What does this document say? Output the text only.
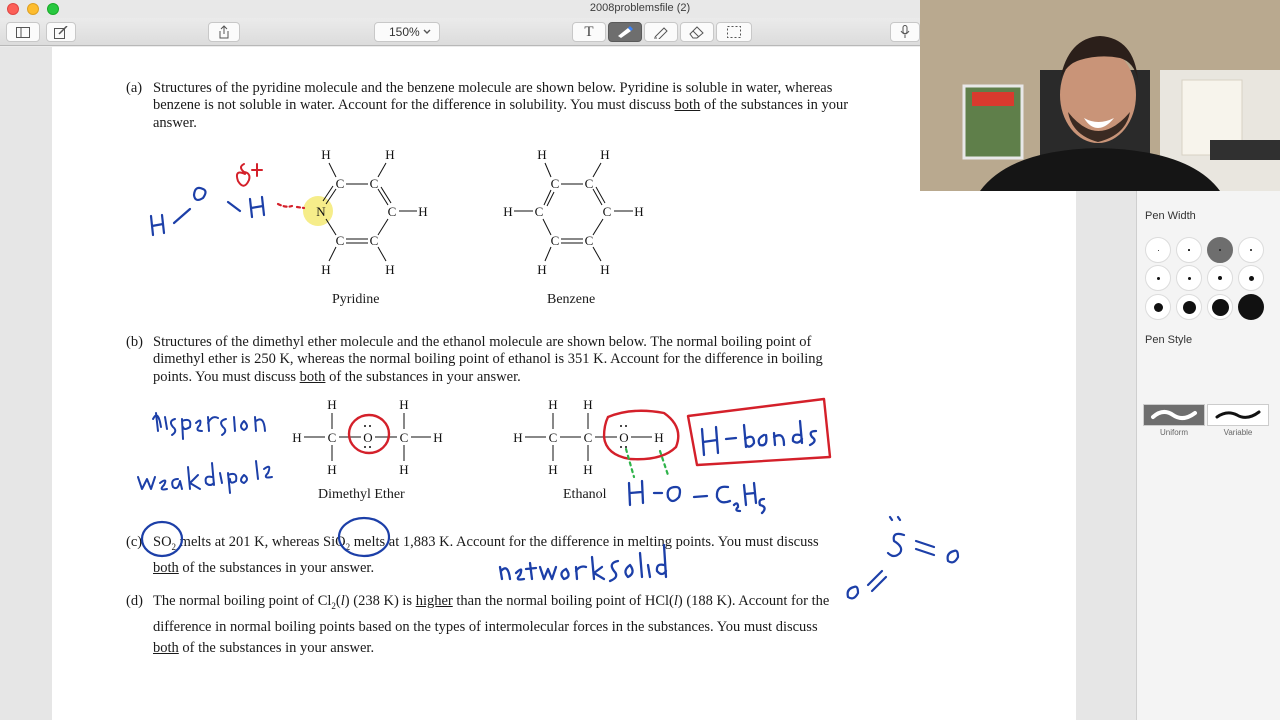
2008problemsfile (2)
150%	T
(a) Structures of the pyridine molecule and the benzene molecule are shown below. Pyridine is soluble in water, whereas benzene is not soluble in water. Account for the difference in solubility. You must discuss both of the substances in your answer.
Pyridine	Benzene
(b) Structures of the dimethyl ether molecule and the ethanol molecule are shown below. The normal boiling point of dimethyl ether is 250 K, whereas the normal boiling point of ethanol is 351 K. Account for the difference in boiling points. You must discuss both of the substances in your answer.
Dimethyl Ether	Ethanol
(c) $SO_2$ melts at 201 K, whereas SiO$_2$ melts at 1,883 K. Account for the difference in melting points. You must discuss both of the substances in your answer.
(d) The normal boiling point of $Cl_2(l)$ (238 K) is higher than the normal boiling point of HCl(l) (188 K). Account for the difference in normal boiling points based on the types of intermolecular forces in the substances. You must discuss both of the substances in your answer.
N
C C
C
C
C
H	H
H
H	H
C C
C
C
C
C
H	H
H
H
H	H
H C O C H
H	H
H	H
H C C O H
H H
H H
Pen Width
Pen Style
Uniform	Variable
